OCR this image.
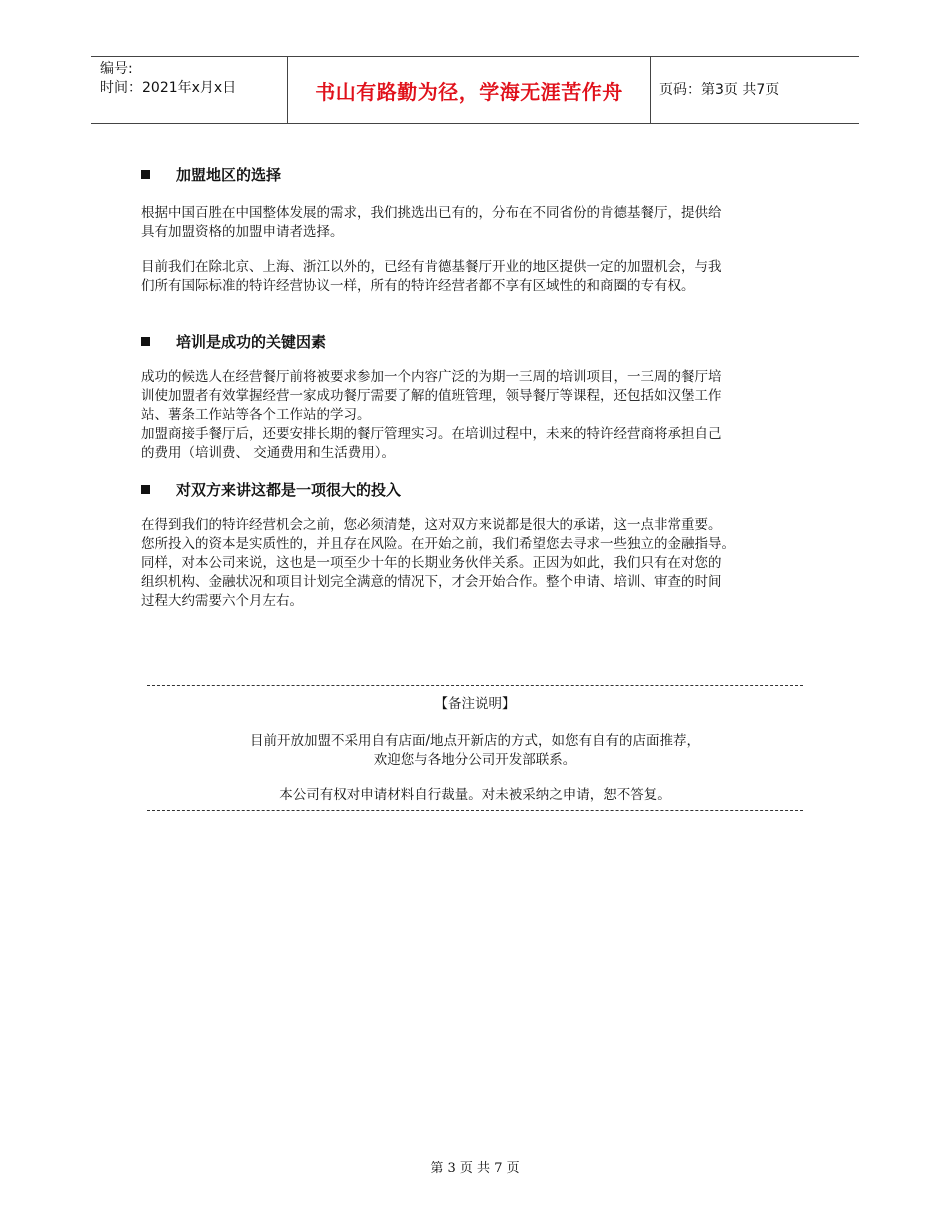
编号:
时间：2021年x月x日	书山有路勤为径，学海无涯苦作舟	页码：第3页 共7页
加盟地区的选择

根据中国百胜在中国整体发展的需求，我们挑选出已有的，分布在不同省份的肯德基餐厅，提供给
具有加盟资格的加盟申请者选择。

目前我们在除北京、上海、浙江以外的，已经有肯德基餐厅开业的地区提供一定的加盟机会，与我
们所有国际标准的特许经营协议一样，所有的特许经营者都不享有区域性的和商圈的专有权。

培训是成功的关键因素

成功的候选人在经营餐厅前将被要求参加一个内容广泛的为期一三周的培训项目，一三周的餐厅培
训使加盟者有效掌握经营一家成功餐厅需要了解的值班管理，领导餐厅等课程，还包括如汉堡工作
站、薯条工作站等各个工作站的学习。
加盟商接手餐厅后，还要安排长期的餐厅管理实习。在培训过程中，未来的特许经营商将承担自己
的费用（培训费、 交通费用和生活费用）。

对双方来讲这都是一项很大的投入

在得到我们的特许经营机会之前，您必须清楚，这对双方来说都是很大的承诺，这一点非常重要。
您所投入的资本是实质性的，并且存在风险。在开始之前，我们希望您去寻求一些独立的金融指导。
同样，对本公司来说，这也是一项至少十年的长期业务伙伴关系。正因为如此，我们只有在对您的
组织机构、金融状况和项目计划完全满意的情况下，才会开始合作。整个申请、培训、审查的时间
过程大约需要六个月左右。

【备注说明】

目前开放加盟不采用自有店面/地点开新店的方式，如您有自有的店面推荐，

欢迎您与各地分公司开发部联系。

本公司有权对申请材料自行裁量。对未被采纳之申请，恕不答复。

第 3 页 共 7 页
